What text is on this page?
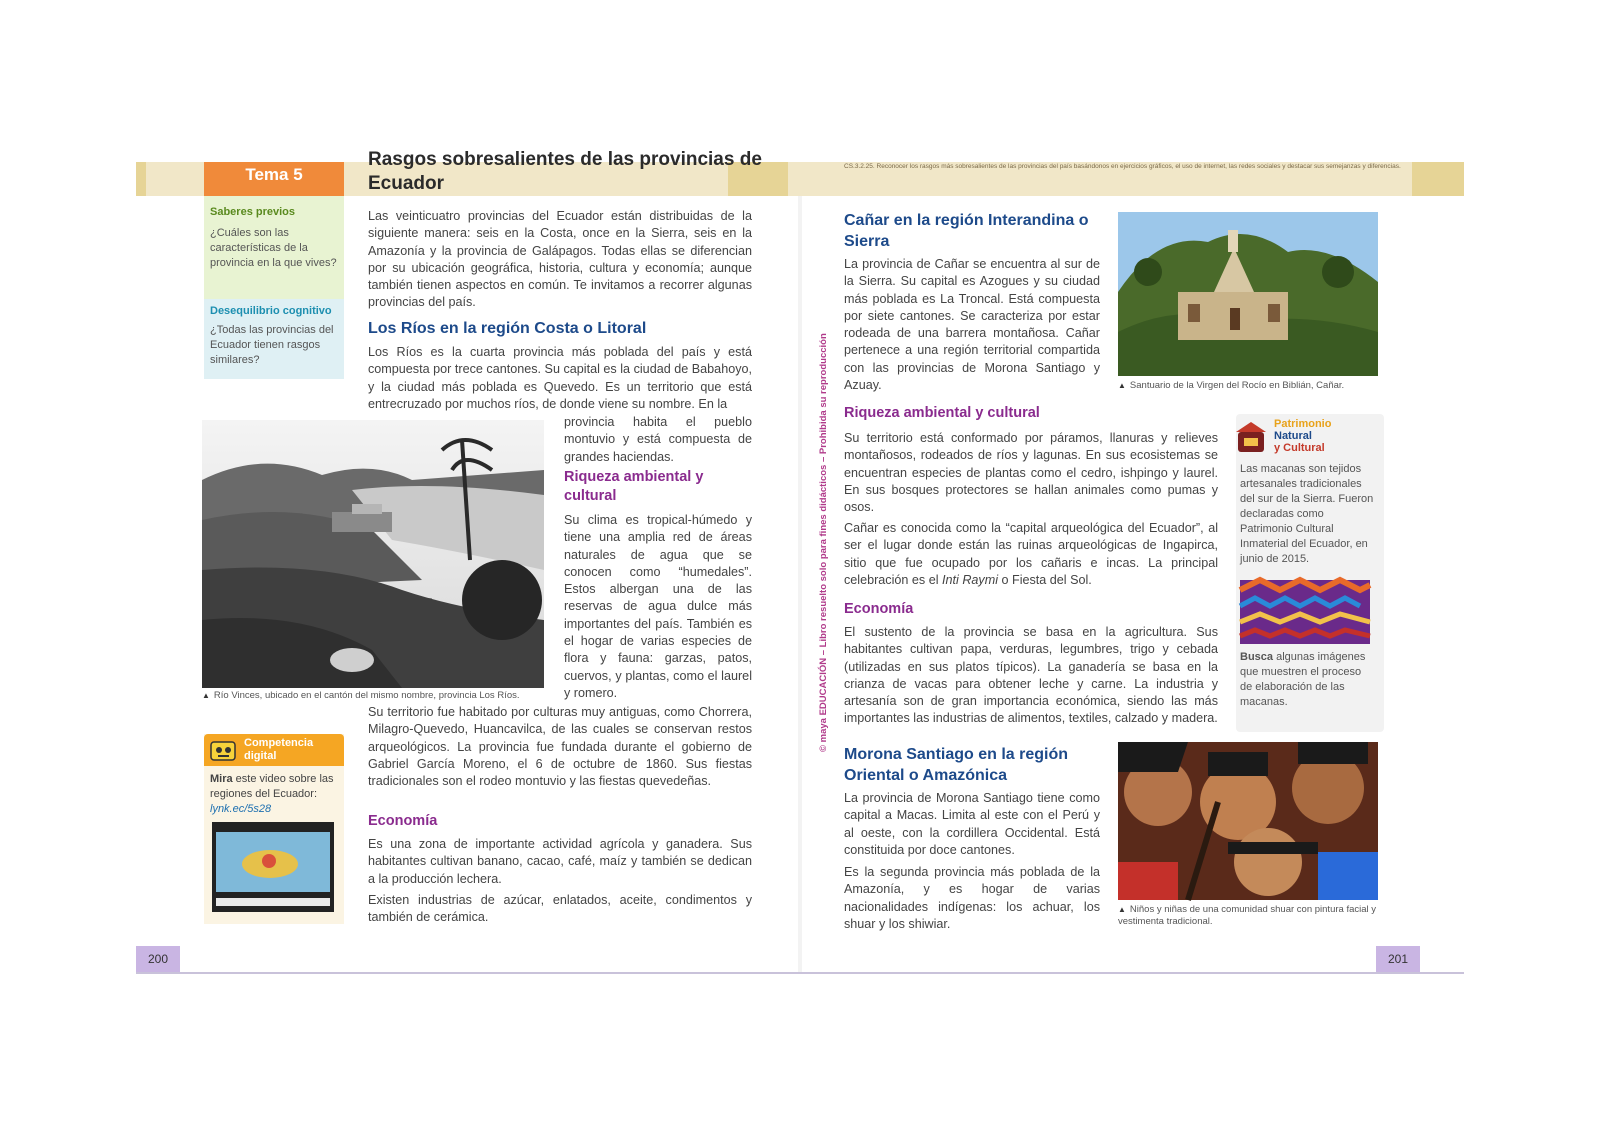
Tema 5
Rasgos sobresalientes de las provincias de Ecuador
Saberes previos
¿Cuáles son las características de la provincia en la que vives?
Desequilibrio cognitivo
¿Todas las provincias del Ecuador tienen rasgos similares?
Las veinticuatro provincias del Ecuador están distribuidas de la siguiente manera: seis en la Costa, once en la Sierra, seis en la Amazonía y la provincia de Galápagos. Todas ellas se diferencian por su ubicación geográfica, historia, cultura y economía; aunque también tienen aspectos en común. Te invitamos a recorrer algunas provincias del país.
Los Ríos en la región Costa o Litoral
Los Ríos es la cuarta provincia más poblada del país y está compuesta por trece cantones. Su capital es la ciudad de Babahoyo, y la ciudad más poblada es Quevedo. Es un territorio que está entrecruzado por muchos ríos, de donde viene su nombre. En la
▲ Río Vinces, ubicado en el cantón del mismo nombre, provincia Los Ríos.
provincia habita el pueblo montuvio y está compuesta de grandes haciendas.
Riqueza ambiental y cultural
Su clima es tropical-húmedo y tiene una amplia red de áreas naturales de agua que se conocen como “humedales”. Estos albergan una de las reservas de agua dulce más importantes del país. También es el hogar de varias especies de flora y fauna: garzas, patos, cuervos, y plantas, como el laurel y romero.
Su territorio fue habitado por culturas muy antiguas, como Chorrera, Milagro-Quevedo, Huancavilca, de las cuales se conservan restos arqueológicos. La provincia fue fundada durante el gobierno de Gabriel García Moreno, el 6 de octubre de 1860. Sus fiestas tradicionales son el rodeo montuvio y las fiestas quevedeñas.
Economía
Es una zona de importante actividad agrícola y ganadera. Sus habitantes cultivan banano, cacao, café, maíz y también se dedican a la producción lechera.
Existen industrias de azúcar, enlatados, aceite, condimentos y también de cerámica.
Competencia digital
Mira este video sobre las regiones del Ecuador:
lynk.ec/5s28
200
© maya EDUCACIÓN – Libro resuelto solo para fines didácticos – Prohibida su reproducción
CS.3.2.25. Reconocer los rasgos más sobresalientes de las provincias del país basándonos en ejercicios gráficos, el uso de internet, las redes sociales y destacar sus semejanzas y diferencias.
Cañar en la región Interandina o Sierra
La provincia de Cañar se encuentra al sur de la Sierra. Su capital es Azogues y su ciudad más poblada es La Troncal. Está compuesta por siete cantones. Se caracteriza por estar rodeada de una barrera montañosa. Cañar pertenece a una región territorial compartida con las provincias de Morona Santiago y Azuay.	▲ Santuario de la Virgen del Rocío en Biblián, Cañar.
Riqueza ambiental y cultural
Su territorio está conformado por páramos, llanuras y relieves montañosos, rodeados de ríos y lagunas. En sus ecosistemas se encuentran especies de plantas como el cedro, ishpingo y laurel. En sus bosques protectores se hallan animales como pumas y osos.
Cañar es conocida como la “capital arqueológica del Ecuador”, al ser el lugar donde están las ruinas arqueológicas de Ingapirca, sitio que fue ocupado por los cañaris e incas. La principal celebración es el Inti Raymi o Fiesta del Sol.
Economía
El sustento de la provincia se basa en la agricultura. Sus habitantes cultivan papa, verduras, legumbres, trigo y cebada (utilizadas en sus platos típicos). La ganadería se basa en la crianza de vacas para obtener leche y carne. La industria y artesanía son de gran importancia económica, siendo las más importantes las industrias de alimentos, textiles, calzado y madera.
Patrimonio
Natural
y Cultural
Las macanas son tejidos artesanales tradicionales del sur de la Sierra. Fueron declaradas como Patrimonio Cultural Inmaterial del Ecuador, en junio de 2015.
Busca algunas imágenes que muestren el proceso de elaboración de las macanas.
Morona Santiago en la región Oriental o Amazónica
La provincia de Morona Santiago tiene como capital a Macas. Limita al este con el Perú y al oeste, con la cordillera Occidental. Está constituida por doce cantones.
Es la segunda provincia más poblada de la Amazonía, y es hogar de varias nacionalidades indígenas: los achuar, los shuar y los shiwiar.
▲ Niños y niñas de una comunidad shuar con pintura facial y vestimenta tradicional.
201
